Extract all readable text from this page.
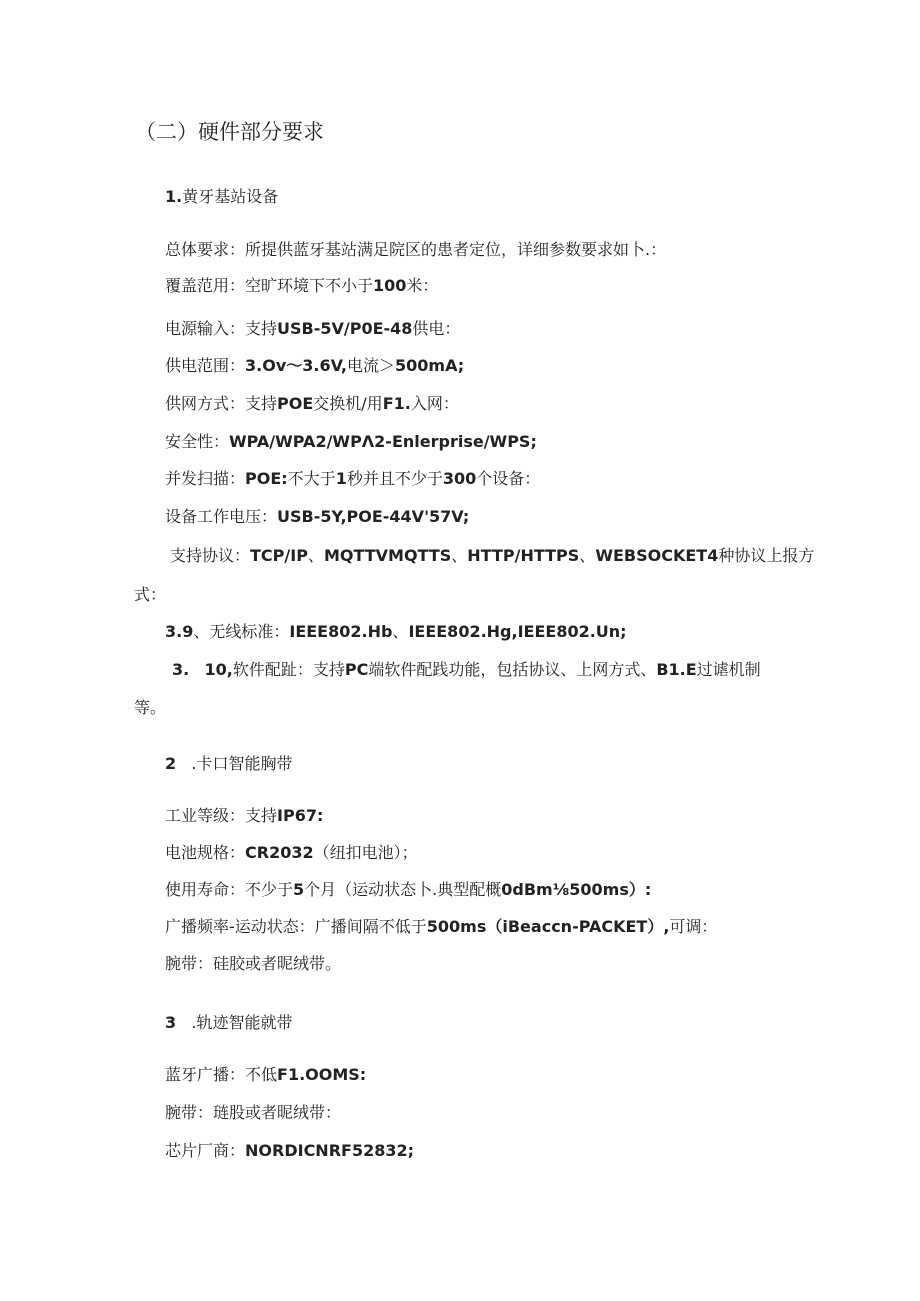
（二）硬件部分要求
1.黄牙基站设备
总体要求：所提供蓝牙基站满足院区的患者定位，详细参数要求如卜.：
覆盖范用：空旷环境下不小于100米：
电源输入：支持USB-5V/P0E-48供电：
供电范围：3.Ov〜3.6V,电流＞500mA;
供网方式：支持POE交换机/用F1.入网：
安全性：WPA/WPA2/WPΛ2-Enlerprise/WPS;
并发扫描：POE:不大于1秒并且不少于300个设备：
设备工作电压：USB-5Y,POE-44V'57V;
支持协议：TCP/IP、MQTTVMQTTS、HTTP/HTTPS、WEBSOCKET4种协议上报方
式：
3.9、无线标准：IEEE802.Hb、IEEE802.Hg,IEEE802.Un;
3. 10,软件配趾：支持PC端软件配践功能，包括协议、上网方式、B1.E过谑机制
等。
2 .卡口智能胸带
工业等级：支持IP67:
电池规格：CR2032（纽扣电池）；
使用寿命：不少于5个月（运动状态卜.典型配概0dBm⅛500ms）:
广播频率-运动状态：广播间隔不低于500ms（iBeaccn-PACKET）,可调：
腕带：硅胶或者昵绒带。
3 .轨迹智能就带
蓝牙广播：不低F1.OOMS:
腕带：琏股或者昵绒带：
芯片厂商：NORDICNRF52832;
